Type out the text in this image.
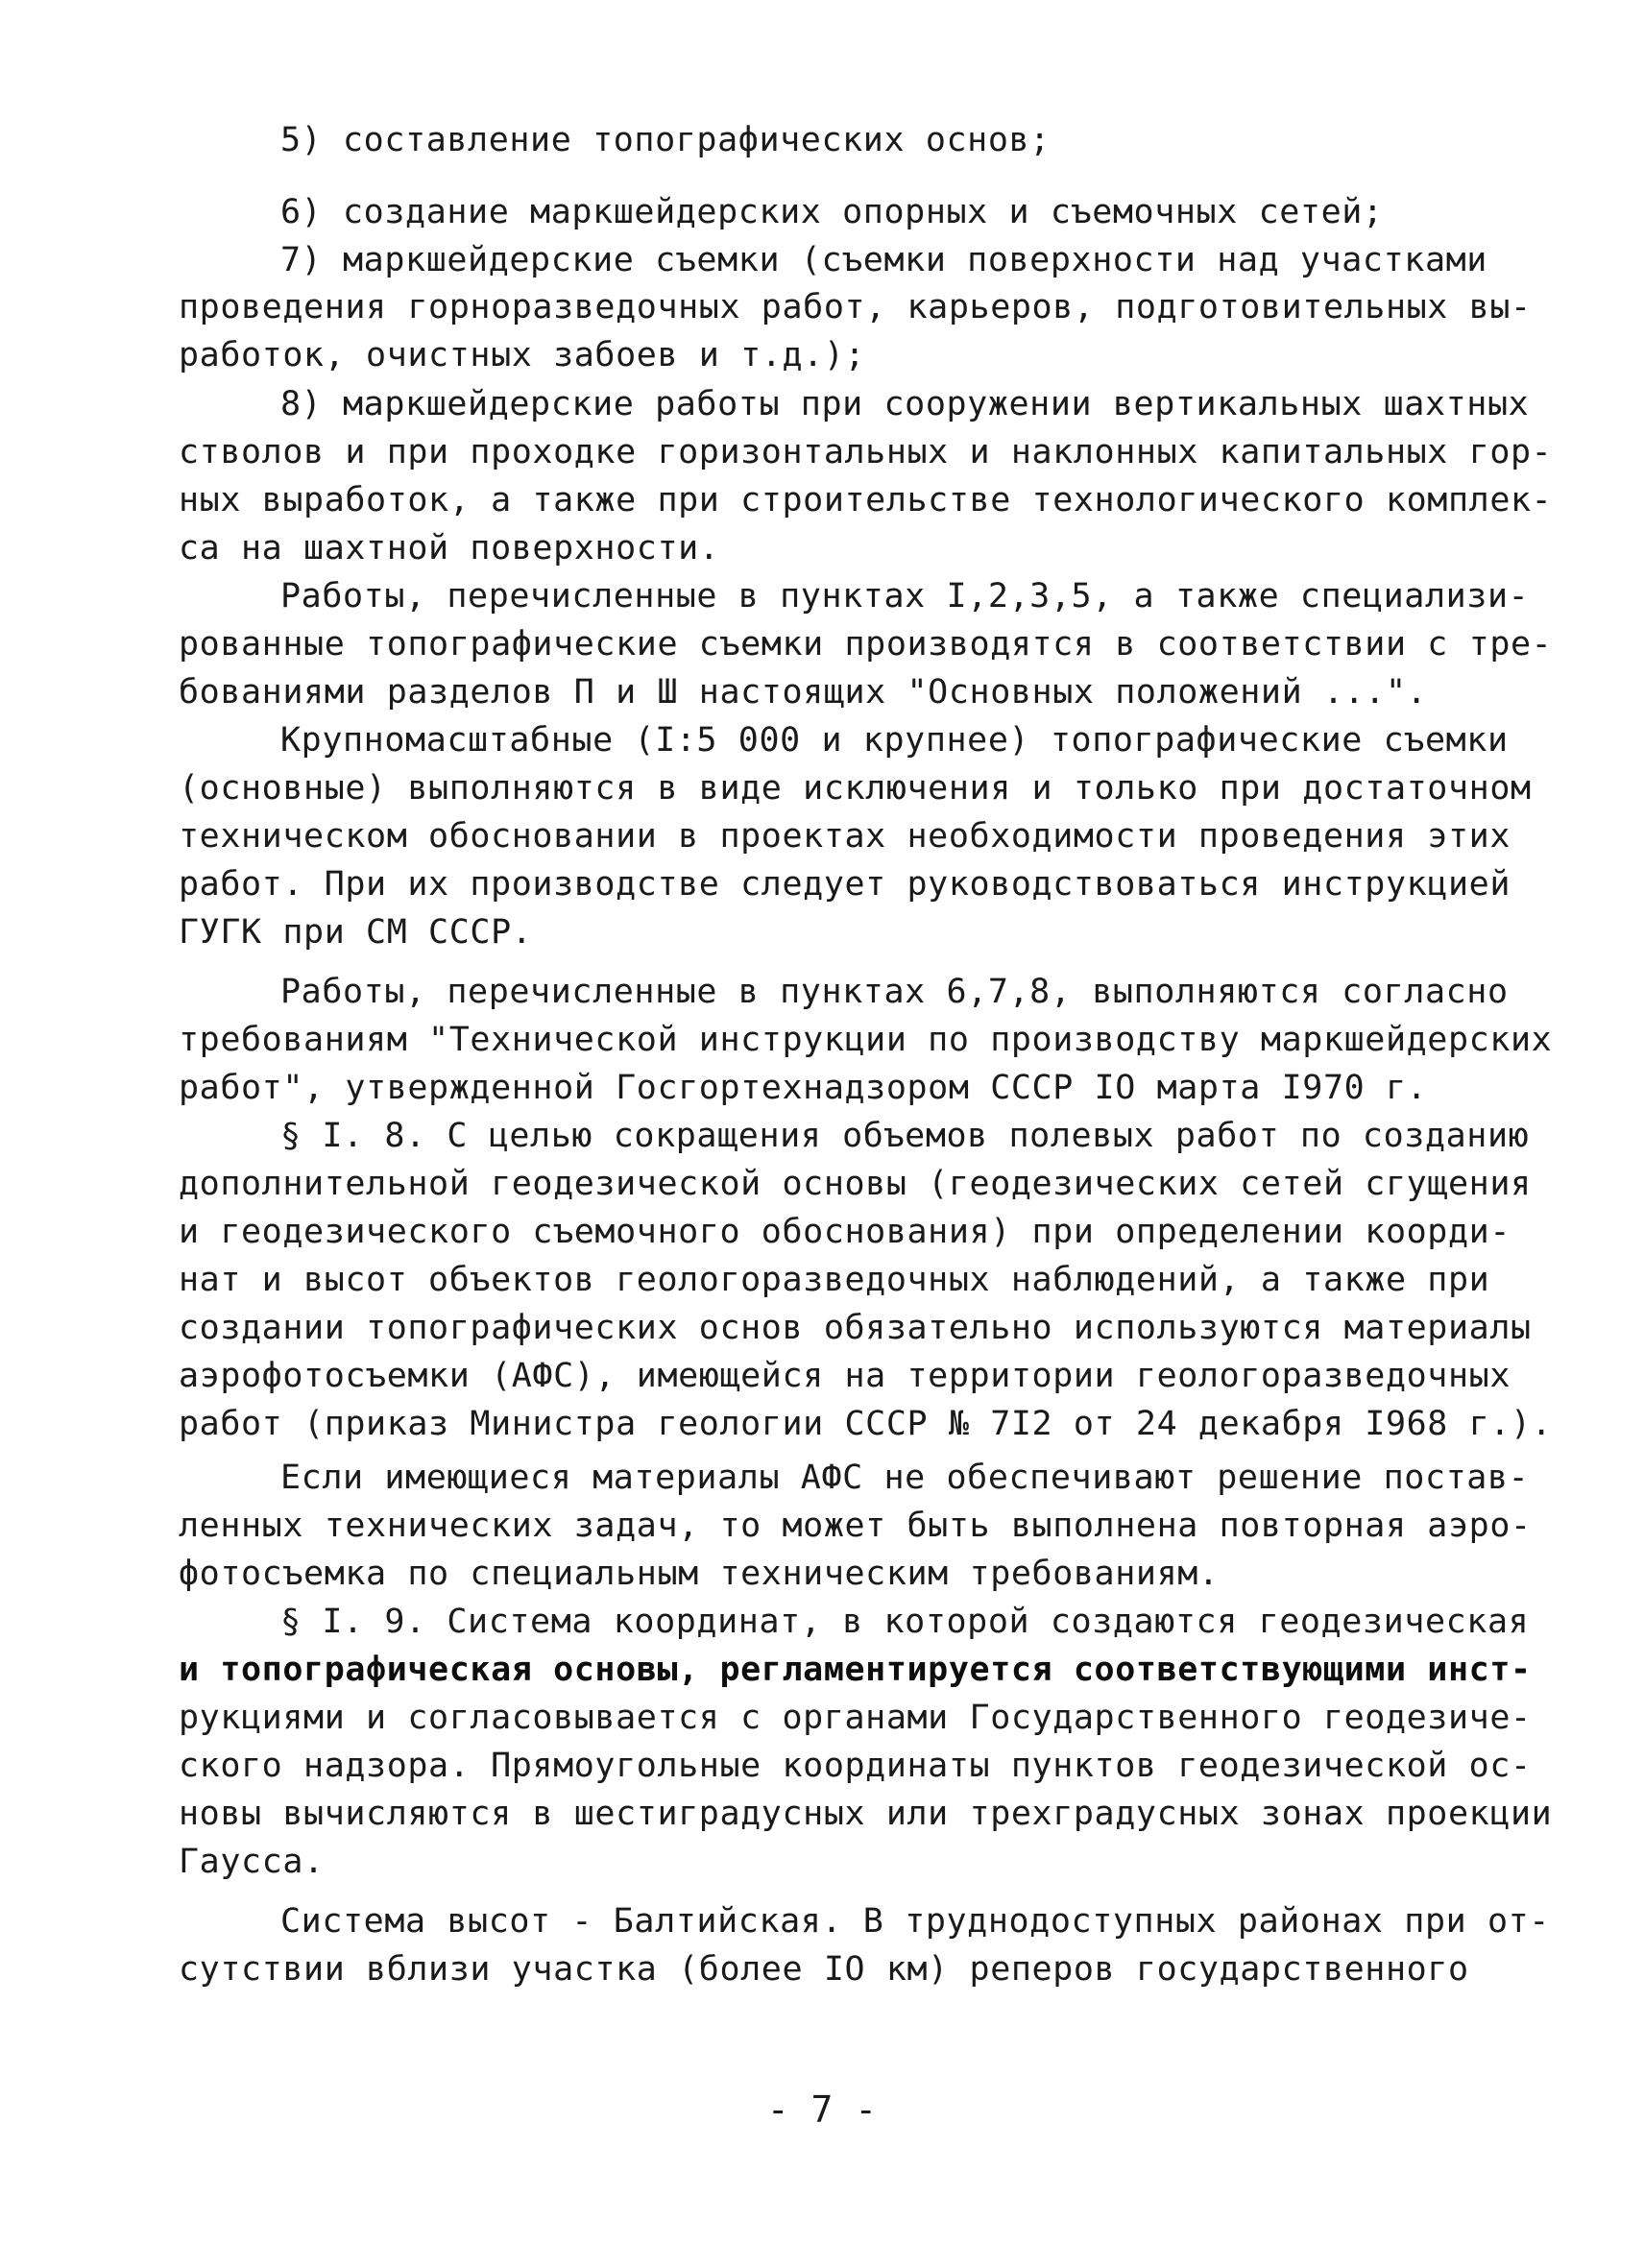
5) составление топографических основ;
6) создание маркшейдерских опорных и съемочных сетей;
7) маркшейдерские съемки (съемки поверхности над участками
проведения горноразведочных работ, карьеров, подготовительных вы-
работок, очистных забоев и т.д.);
8) маркшейдерские работы при сооружении вертикальных шахтных
стволов и при проходке горизонтальных и наклонных капитальных гор-
ных выработок, а также при строительстве технологического комплек-
са на шахтной поверхности.
Работы, перечисленные в пунктах I,2,3,5, а также специализи-
рованные топографические съемки производятся в соответствии с тре-
бованиями разделов П и Ш настоящих "Основных положений ...".
Крупномасштабные (I:5 000 и крупнее) топографические съемки
(основные) выполняются в виде исключения и только при достаточном
техническом обосновании в проектах необходимости проведения этих
работ. При их производстве следует руководствоваться инструкцией
ГУГК при СМ СССР.
Работы, перечисленные в пунктах 6,7,8, выполняются согласно
требованиям "Технической инструкции по производству маркшейдерских
работ", утвержденной Госгортехнадзором СССР IO марта I970 г.
§ I. 8. С целью сокращения объемов полевых работ по созданию
дополнительной геодезической основы (геодезических сетей сгущения
и геодезического съемочного обоснования) при определении коорди-
нат и высот объектов геологоразведочных наблюдений, а также при
создании топографических основ обязательно используются материалы
аэрофотосъемки (АФС), имеющейся на территории геологоразведочных
работ (приказ Министра геологии СССР № 7I2 от 24 декабря I968 г.).
Если имеющиеся материалы АФС не обеспечивают решение постав-
ленных технических задач, то может быть выполнена повторная аэро-
фотосъемка по специальным техническим требованиям.
§ I. 9. Система координат, в которой создаются геодезическая
и топографическая основы, регламентируется соответствующими инст-
рукциями и согласовывается с органами Государственного геодезиче-
ского надзора. Прямоугольные координаты пунктов геодезической ос-
новы вычисляются в шестиградусных или трехградусных зонах проекции
Гаусса.
Система высот - Балтийская. В труднодоступных районах при от-
сутствии вблизи участка (более IO км) реперов государственного
- 7 -
